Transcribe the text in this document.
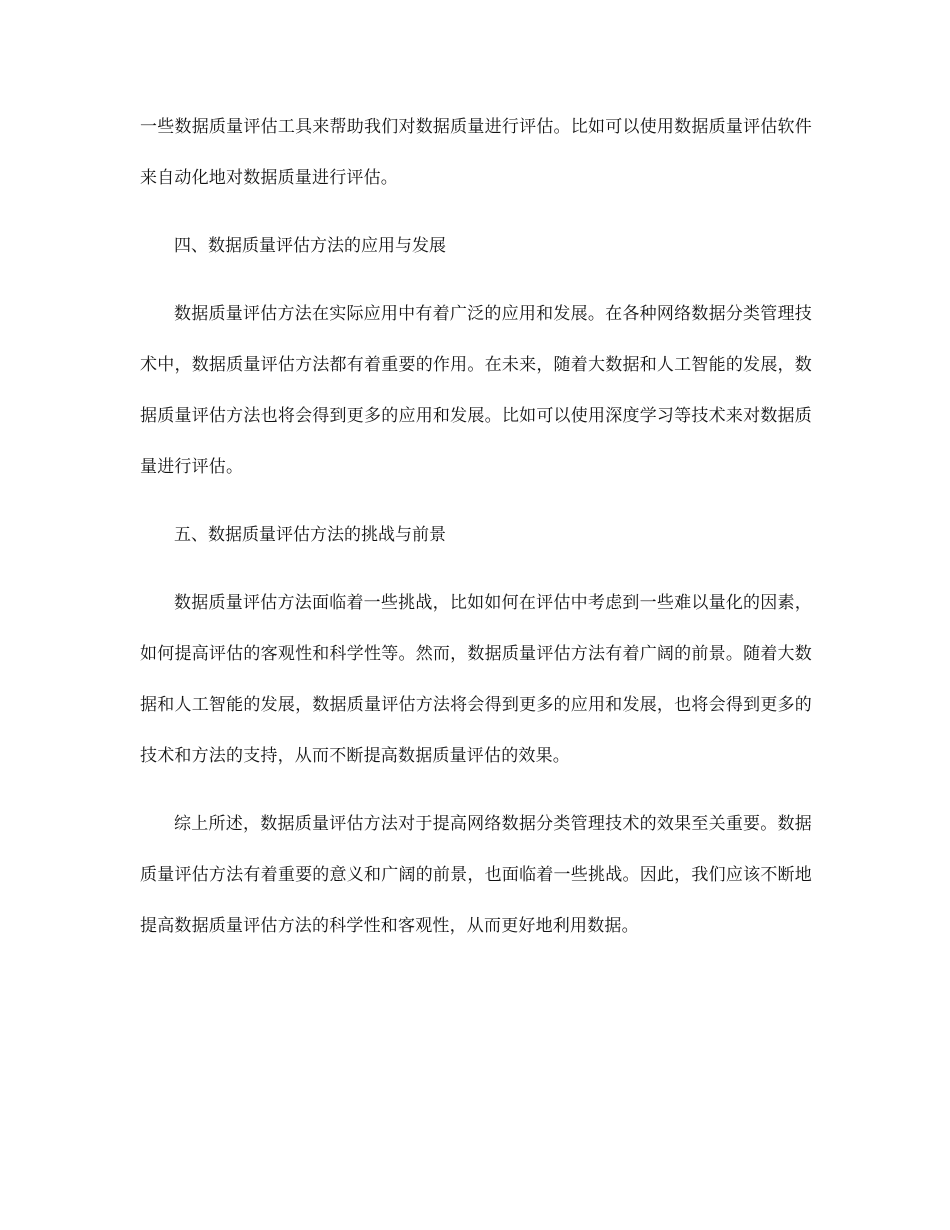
一些数据质量评估工具来帮助我们对数据质量进行评估。比如可以使用数据质量评估软件来自动化地对数据质量进行评估。

四、数据质量评估方法的应用与发展

数据质量评估方法在实际应用中有着广泛的应用和发展。在各种网络数据分类管理技术中，数据质量评估方法都有着重要的作用。在未来，随着大数据和人工智能的发展，数据质量评估方法也将会得到更多的应用和发展。比如可以使用深度学习等技术来对数据质量进行评估。

五、数据质量评估方法的挑战与前景

数据质量评估方法面临着一些挑战，比如如何在评估中考虑到一些难以量化的因素，如何提高评估的客观性和科学性等。然而，数据质量评估方法有着广阔的前景。随着大数据和人工智能的发展，数据质量评估方法将会得到更多的应用和发展，也将会得到更多的技术和方法的支持，从而不断提高数据质量评估的效果。

综上所述，数据质量评估方法对于提高网络数据分类管理技术的效果至关重要。数据质量评估方法有着重要的意义和广阔的前景，也面临着一些挑战。因此，我们应该不断地提高数据质量评估方法的科学性和客观性，从而更好地利用数据。
